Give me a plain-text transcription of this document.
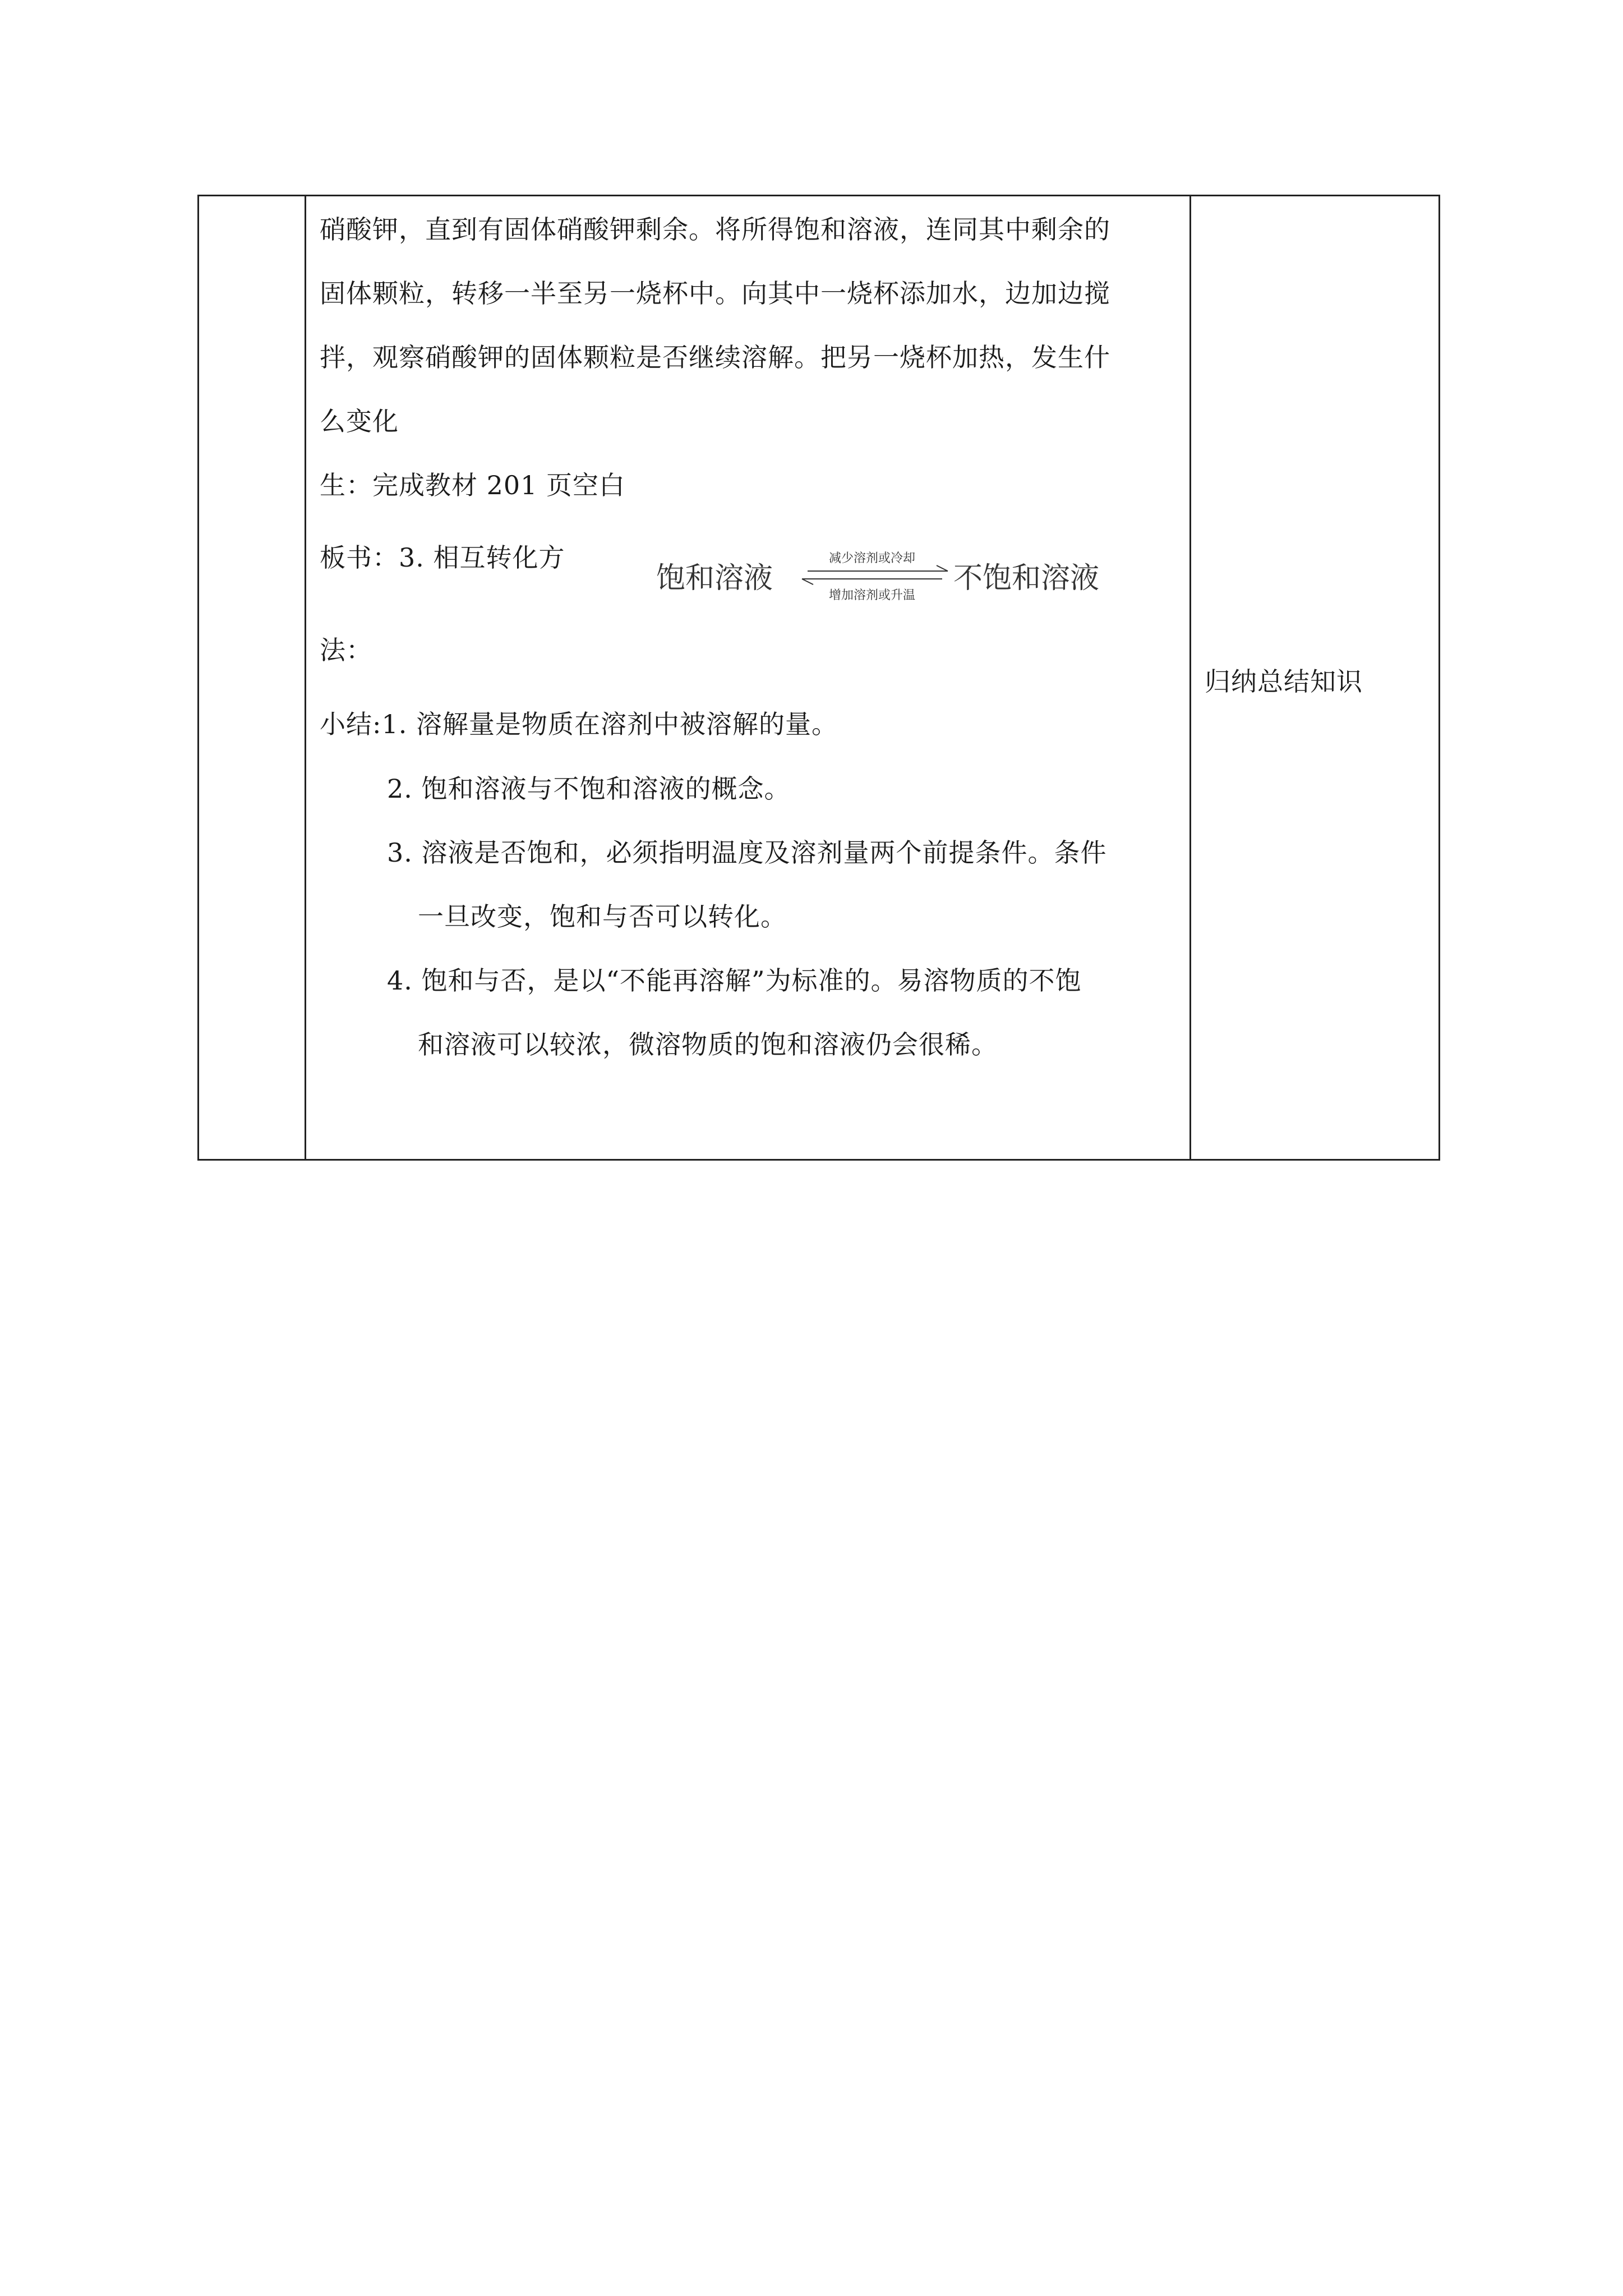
硝酸钾，直到有固体硝酸钾剩余。将所得饱和溶液，连同其中剩余的
固体颗粒，转移一半至另一烧杯中。向其中一烧杯添加水，边加边搅
拌，观察硝酸钾的固体颗粒是否继续溶解。把另一烧杯加热，发生什
么变化
生：完成教材 201 页空白
板书：3. 相互转化方
饱和溶液
减少溶剂或冷却
增加溶剂或升温
不饱和溶液
法：
小结:1. 溶解量是物质在溶剂中被溶解的量。
2. 饱和溶液与不饱和溶液的概念。
3. 溶液是否饱和，必须指明温度及溶剂量两个前提条件。条件
一旦改变，饱和与否可以转化。
4. 饱和与否，是以“不能再溶解”为标准的。易溶物质的不饱
和溶液可以较浓，微溶物质的饱和溶液仍会很稀。
归纳总结知识
